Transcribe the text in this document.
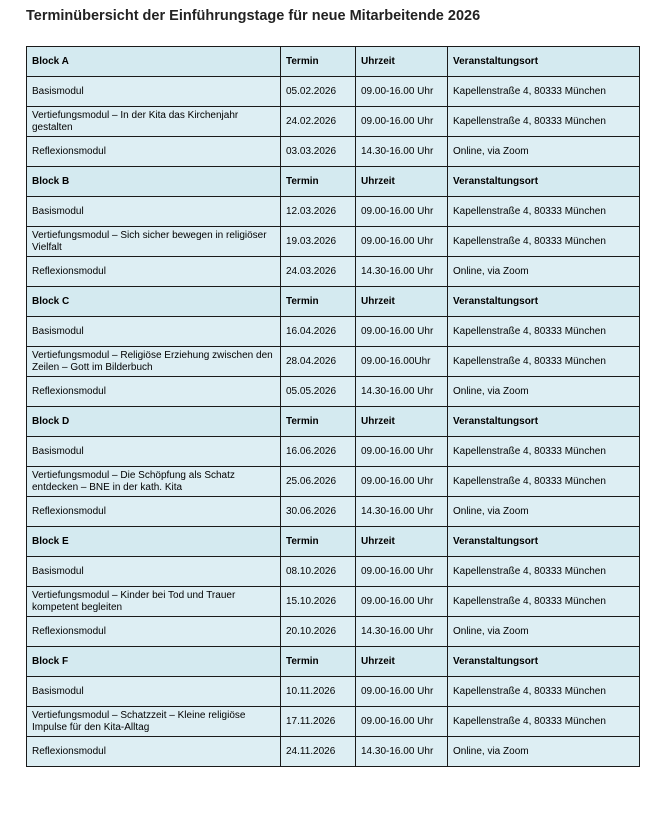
Terminübersicht der Einführungstage für neue Mitarbeitende 2026
Block A	Termin	Uhrzeit	Veranstaltungsort
Basismodul	05.02.2026	09.00-16.00 Uhr	Kapellenstraße 4, 80333 München
Vertiefungsmodul – In der Kita das Kirchenjahr gestalten	24.02.2026	09.00-16.00 Uhr	Kapellenstraße 4, 80333 München
Reflexionsmodul	03.03.2026	14.30-16.00 Uhr	Online, via Zoom
Block B	Termin	Uhrzeit	Veranstaltungsort
Basismodul	12.03.2026	09.00-16.00 Uhr	Kapellenstraße 4, 80333 München
Vertiefungsmodul – Sich sicher bewegen in religiöser Vielfalt	19.03.2026	09.00-16.00 Uhr	Kapellenstraße 4, 80333 München
Reflexionsmodul	24.03.2026	14.30-16.00 Uhr	Online, via Zoom
Block C	Termin	Uhrzeit	Veranstaltungsort
Basismodul	16.04.2026	09.00-16.00 Uhr	Kapellenstraße 4, 80333 München
Vertiefungsmodul – Religiöse Erziehung zwischen den Zeilen – Gott im Bilderbuch	28.04.2026	09.00-16.00Uhr	Kapellenstraße 4, 80333 München
Reflexionsmodul	05.05.2026	14.30-16.00 Uhr	Online, via Zoom
Block D	Termin	Uhrzeit	Veranstaltungsort
Basismodul	16.06.2026	09.00-16.00 Uhr	Kapellenstraße 4, 80333 München
Vertiefungsmodul – Die Schöpfung als Schatz entdecken – BNE in der kath. Kita	25.06.2026	09.00-16.00 Uhr	Kapellenstraße 4, 80333 München
Reflexionsmodul	30.06.2026	14.30-16.00 Uhr	Online, via Zoom
Block E	Termin	Uhrzeit	Veranstaltungsort
Basismodul	08.10.2026	09.00-16.00 Uhr	Kapellenstraße 4, 80333 München
Vertiefungsmodul – Kinder bei Tod und Trauer kompetent begleiten	15.10.2026	09.00-16.00 Uhr	Kapellenstraße 4, 80333 München
Reflexionsmodul	20.10.2026	14.30-16.00 Uhr	Online, via Zoom
Block F	Termin	Uhrzeit	Veranstaltungsort
Basismodul	10.11.2026	09.00-16.00 Uhr	Kapellenstraße 4, 80333 München
Vertiefungsmodul – Schatzzeit – Kleine religiöse Impulse für den Kita-Alltag	17.11.2026	09.00-16.00 Uhr	Kapellenstraße 4, 80333 München
Reflexionsmodul	24.11.2026	14.30-16.00 Uhr	Online, via Zoom
